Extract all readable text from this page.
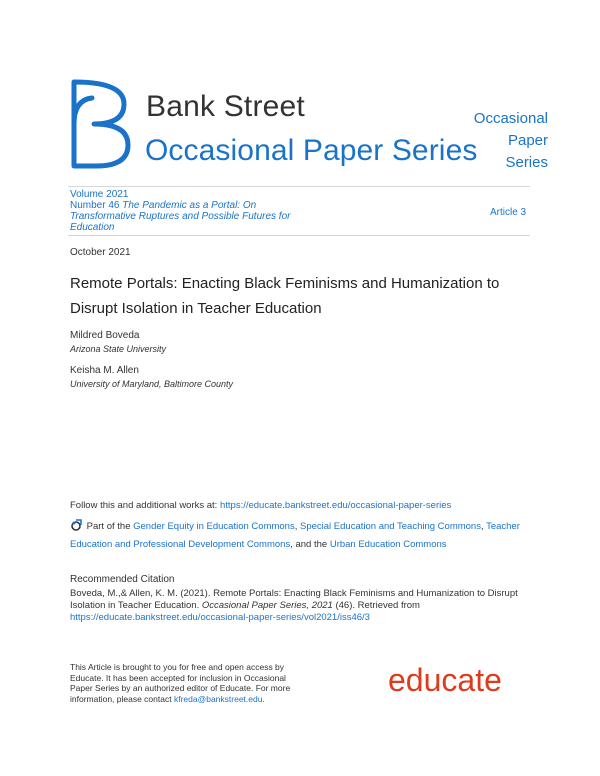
Bank Street
Occasional Paper Series
Occasional
Paper
Series
Volume 2021
Number 46 The Pandemic as a Portal: On Transformative Ruptures and Possible Futures for Education
Article 3
October 2021
Remote Portals: Enacting Black Feminisms and Humanization to Disrupt Isolation in Teacher Education
Mildred Boveda
Arizona State University
Keisha M. Allen
University of Maryland, Baltimore County
Follow this and additional works at: https://educate.bankstreet.edu/occasional-paper-series
Part of the Gender Equity in Education Commons, Special Education and Teaching Commons, Teacher Education and Professional Development Commons, and the Urban Education Commons
Recommended Citation
Boveda, M.,& Allen, K. M. (2021). Remote Portals: Enacting Black Feminisms and Humanization to Disrupt Isolation in Teacher Education. Occasional Paper Series, 2021 (46). Retrieved from
https://educate.bankstreet.edu/occasional-paper-series/vol2021/iss46/3
This Article is brought to you for free and open access by Educate. It has been accepted for inclusion in Occasional Paper Series by an authorized editor of Educate. For more information, please contact kfreda@bankstreet.edu.
educate
